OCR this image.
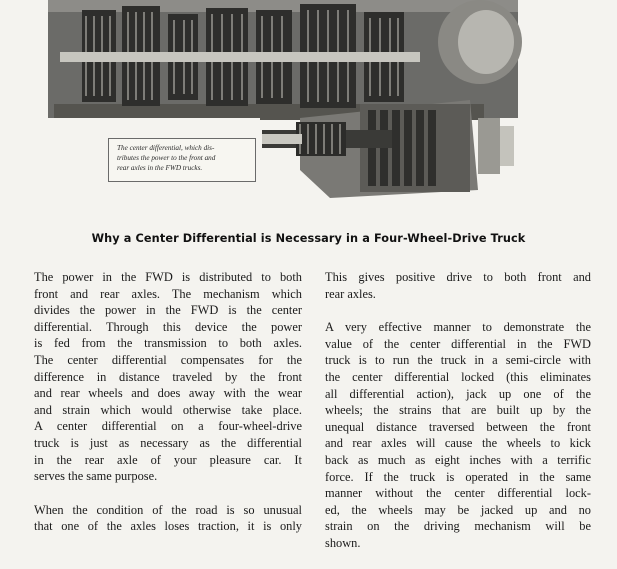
The center differential, which dis-
tributes the power to the front and
rear axles in the FWD trucks.
Why a Center Differential is Necessary in a Four-Wheel-Drive Truck

The power in the FWD is distributed to both
front and rear axles. The mechanism which
divides the power in the FWD is the center
differential. Through this device the power
is fed from the transmission to both axles.
The center differential compensates for the
difference in distance traveled by the front
and rear wheels and does away with the wear
and strain which would otherwise take place.
A center differential on a four-wheel-drive
truck is just as necessary as the differential
in the rear axle of your pleasure car. It
serves the same purpose.

When the condition of the road is so unusual
that one of the axles loses traction, it is only

This gives positive drive to both front and
rear axles.

A very effective manner to demonstrate the
value of the center differential in the FWD
truck is to run the truck in a semi-circle with
the center differential locked (this eliminates
all differential action), jack up one of the
wheels; the strains that are built up by the
unequal distance traversed between the front
and rear axles will cause the wheels to kick
back as much as eight inches with a terrific
force. If the truck is operated in the same
manner without the center differential lock-
ed, the wheels may be jacked up and no
strain on the driving mechanism will be
shown.
